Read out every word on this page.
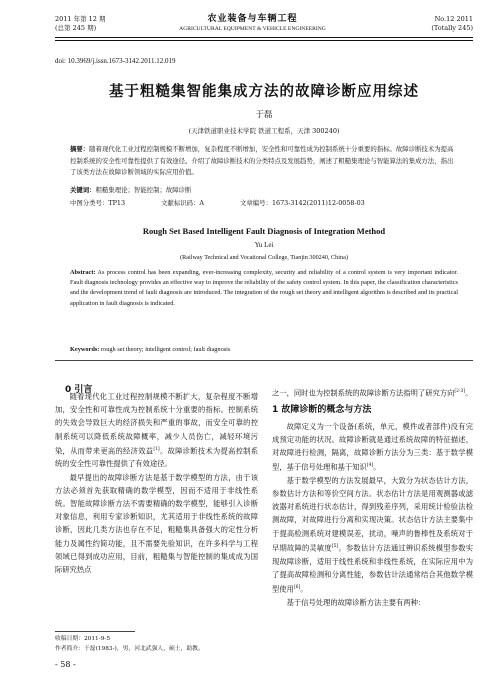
2011 年第 12 期
(总第 245 期)
农业装备与车辆工程
AGRICULTURAL EQUIPMENT & VEHICLE ENGINEERING
No.12 2011
(Totally 245)
doi: 10.3969/j.issn.1673-3142.2011.12.019
基于粗糙集智能集成方法的故障诊断应用综述
于磊
(天津铁道职业技术学院 铁道工程系，天津 300240)
摘要：随着现代化工业过程控制规模不断增加，复杂程度不断增加，安全性和可靠性成为控制系统十分重要的指标。故障诊断技术为提高控制系统的安全性可靠性提供了有效途径。介绍了故障诊断技术的分类特点及发展趋势，阐述了粗糙集理论与智能算法的集成方法，指出了该类方法在故障诊断领域的实际应用价值。
关键词：粗糙集理论；智能控制；故障诊断
中图分类号：TP13	文献标识码：A	文章编号：1673-3142(2011)12-0058-03
Rough Set Based Intelligent Fault Diagnosis of Integration Method
Yu Lei
(Railway Technical and Vocational College, Tianjin 300240, China)
Abstract: As process control has been expanding, ever-increasing complexity, security and reliability of a control system is very important indicator. Fault diagnosis technology provides an effective way to improve the reliability of the safety control system. In this paper, the classification characteristics and the development trend of fault diagnosis are introduced. The integration of the rough set theory and intelligent algorithm is described and its practical application in fault diagnosis is indicated.
Keywords: rough set theory; intelligent control; fault diagnosis
0 引言

随着现代化工业过程控制规模不断扩大，复杂程度不断增加，安全性和可靠性成为控制系统十分重要的指标。控制系统的失效会导致巨大的经济损失和严重的事故，而安全可靠的控制系统可以降低系统故障概率，减少人员伤亡，减轻环境污染，从而带来更高的经济效益[1]。故障诊断技术为提高控制系统的安全性可靠性提供了有效途径。

最早提出的故障诊断方法是基于数学模型的方法，由于该方法必须首先获取精确的数学模型，因而不适用于非线性系统。智能故障诊断方法不需要精确的数学模型，能够引入诊断对象信息，利用专家诊断知识，尤其适用于非线性系统的故障诊断，因此几类方法也存在不足，粗糙集具备强大的定性分析能力及属性约简功能，且不需要先验知识，在许多科学与工程领域已得到成功应用，目前，粗糙集与智能控制的集成成为国际研究热点

之一，同时也为控制系统的故障诊断方法指明了研究方向[2-3]。

1 故障诊断的概念与方法

故障定义为一个设备(系统，单元，模件或者部件)没有完成预定功能的状况。故障诊断就是通过系统故障的特征描述，对故障进行检测，隔离，故障诊断方法分为三类：基于数学模型，基于信号处理和基于知识[4]。

基于数学模型的方法发展最早，大致分为状态估计方法，参数估计方法和等价空间方法。状态估计方法是用观测器或滤波器对系统进行状态估计，得到残差序列，采用统计检验法检测故障，对故障进行分离和实现决策。状态估计方法主要集中于提高检测系统对建模误差，扰动，噪声的鲁棒性及系统对于早期故障的灵敏度[5]。参数估计方法通过辨识系统模型参数实现故障诊断，适用于线性系统和非线性系统，在实际应用中为了提高故障检测和分离性能，参数估计法通常结合其他数学模型使用[6]。

基于信号处理的故障诊断方法主要有两种：

收稿日期：2011-9-5
作者简介：于磊(1983-)，男，河北武强人，硕士，助教。
- 58 -
